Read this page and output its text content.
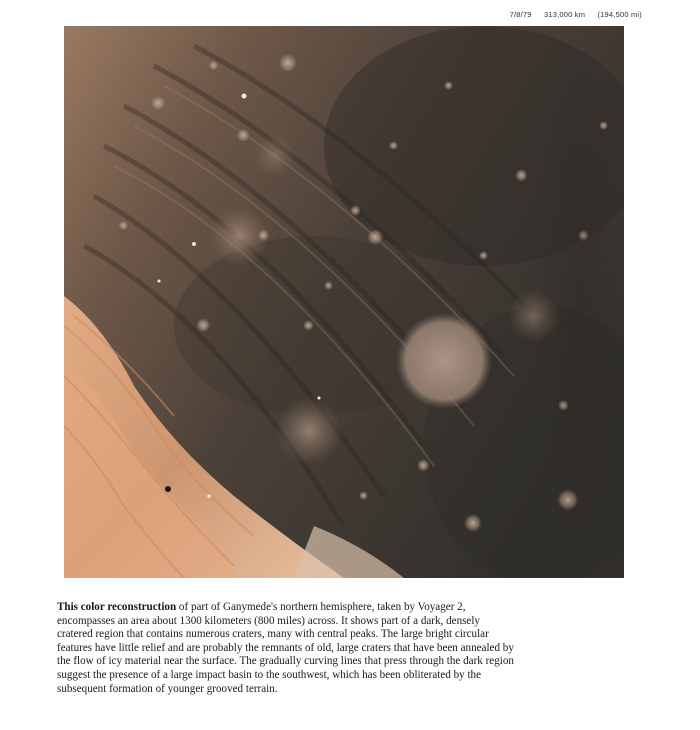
7/8/79 313,000 km (194,500 mi)
This color reconstruction of part of Ganymede's northern hemisphere, taken by Voyager 2, encompasses an area about 1300 kilometers (800 miles) across. It shows part of a dark, densely cratered region that contains numerous craters, many with central peaks. The large bright circular features have little relief and are probably the remnants of old, large craters that have been annealed by the flow of icy material near the surface. The gradually curving lines that press through the dark region suggest the presence of a large impact basin to the southwest, which has been obliterated by the subsequent formation of younger grooved terrain.
